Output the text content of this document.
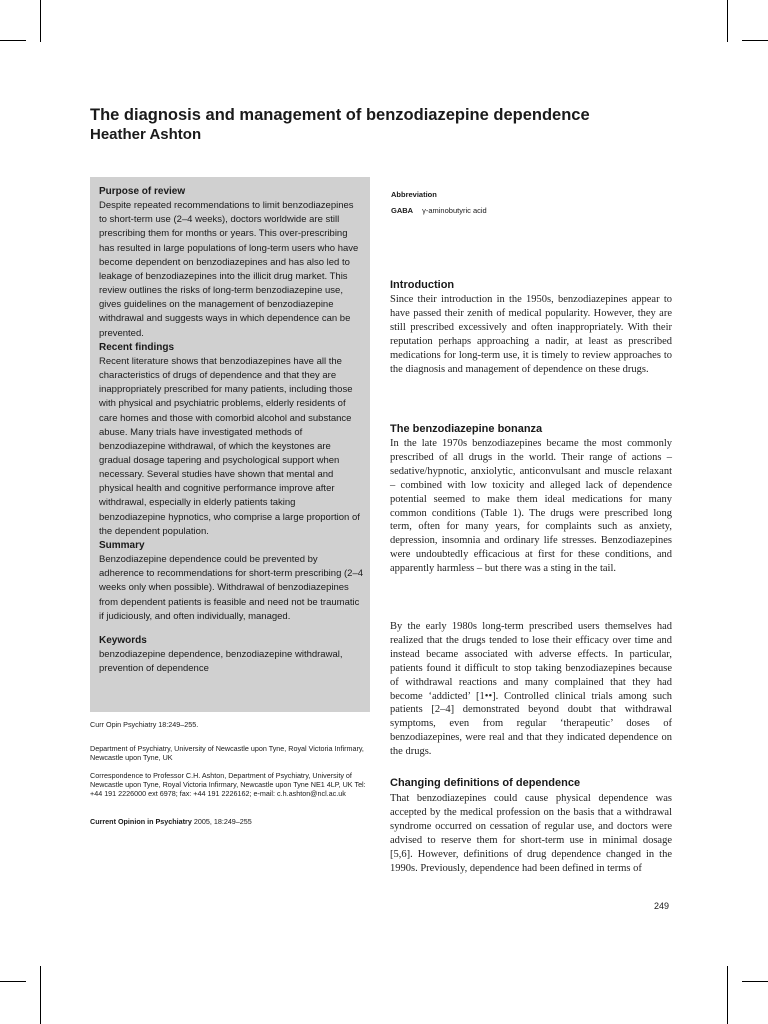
The diagnosis and management of benzodiazepine dependence
Heather Ashton
Purpose of review

Despite repeated recommendations to limit benzodiazepines to short-term use (2–4 weeks), doctors worldwide are still prescribing them for months or years. This over-prescribing has resulted in large populations of long-term users who have become dependent on benzodiazepines and has also led to leakage of benzodiazepines into the illicit drug market. This review outlines the risks of long-term benzodiazepine use, gives guidelines on the management of benzodiazepine withdrawal and suggests ways in which dependence can be prevented.

Recent findings

Recent literature shows that benzodiazepines have all the characteristics of drugs of dependence and that they are inappropriately prescribed for many patients, including those with physical and psychiatric problems, elderly residents of care homes and those with comorbid alcohol and substance abuse. Many trials have investigated methods of benzodiazepine withdrawal, of which the keystones are gradual dosage tapering and psychological support when necessary. Several studies have shown that mental and physical health and cognitive performance improve after withdrawal, especially in elderly patients taking benzodiazepine hypnotics, who comprise a large proportion of the dependent population.

Summary

Benzodiazepine dependence could be prevented by adherence to recommendations for short-term prescribing (2–4 weeks only when possible). Withdrawal of benzodiazepines from dependent patients is feasible and need not be traumatic if judiciously, and often individually, managed.

Keywords

benzodiazepine dependence, benzodiazepine withdrawal, prevention of dependence

Curr Opin Psychiatry 18:249–255.

Department of Psychiatry, University of Newcastle upon Tyne, Royal Victoria Infirmary, Newcastle upon Tyne, UK

Correspondence to Professor C.H. Ashton, Department of Psychiatry, University of Newcastle upon Tyne, Royal Victoria Infirmary, Newcastle upon Tyne NE1 4LP, UK Tel: +44 191 2226000 ext 6978; fax: +44 191 2226162; e-mail: c.h.ashton@ncl.ac.uk

Current Opinion in Psychiatry 2005, 18:249–255

Abbreviation

GABA γ-aminobutyric acid

Introduction

Since their introduction in the 1950s, benzodiazepines appear to have passed their zenith of medical popularity. However, they are still prescribed excessively and often inappropriately. With their reputation perhaps approaching a nadir, at least as prescribed medications for long-term use, it is timely to review approaches to the diagnosis and management of dependence on these drugs.

The benzodiazepine bonanza

In the late 1970s benzodiazepines became the most commonly prescribed of all drugs in the world. Their range of actions – sedative/hypnotic, anxiolytic, anticonvulsant and muscle relaxant – combined with low toxicity and alleged lack of dependence potential seemed to make them ideal medications for many common conditions (Table 1). The drugs were prescribed long term, often for many years, for complaints such as anxiety, depression, insomnia and ordinary life stresses. Benzodiazepines were undoubtedly efficacious at first for these conditions, and apparently harmless – but there was a sting in the tail.

By the early 1980s long-term prescribed users themselves had realized that the drugs tended to lose their efficacy over time and instead became associated with adverse effects. In particular, patients found it difficult to stop taking benzodiazepines because of withdrawal reactions and many complained that they had become ‘addicted’ [1••]. Controlled clinical trials among such patients [2–4] demonstrated beyond doubt that withdrawal symptoms, even from regular ‘therapeutic’ doses of benzodiazepines, were real and that they indicated dependence on the drugs.

Changing definitions of dependence

That benzodiazepines could cause physical dependence was accepted by the medical profession on the basis that a withdrawal syndrome occurred on cessation of regular use, and doctors were advised to reserve them for short-term use in minimal dosage [5,6]. However, definitions of drug dependence changed in the 1990s. Previously, dependence had been defined in terms of

249
